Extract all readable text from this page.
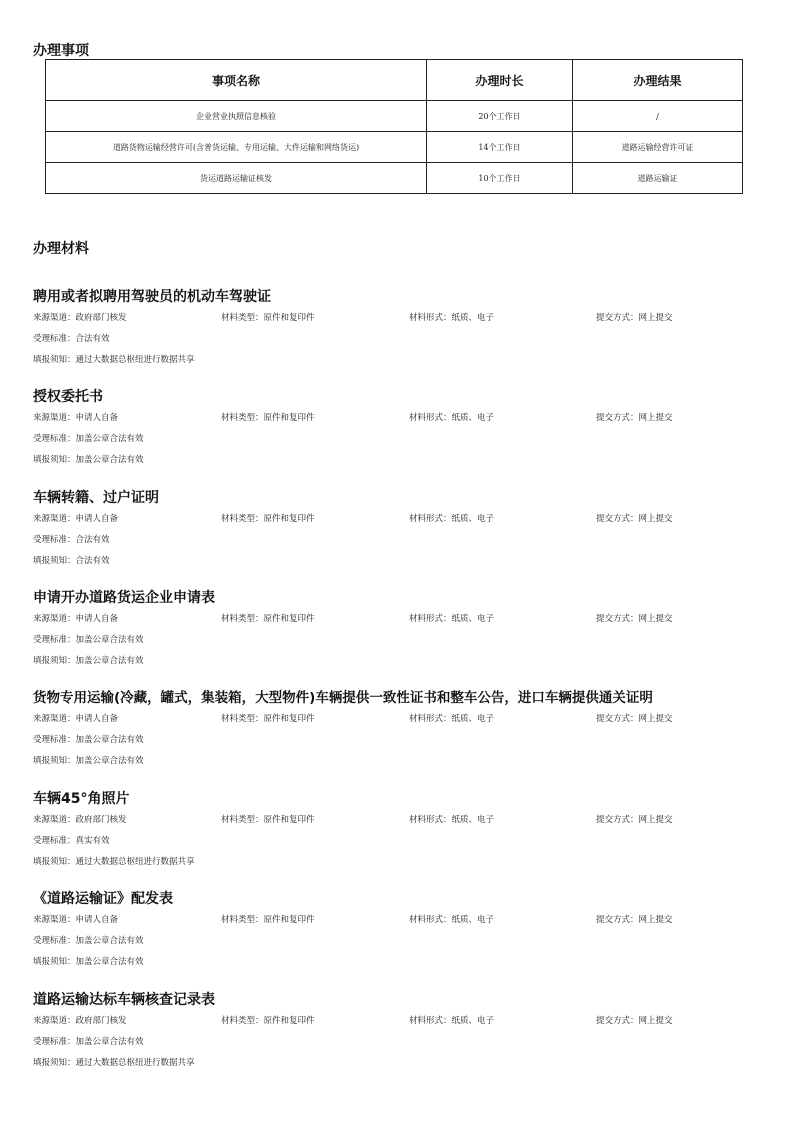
办理事项
事项名称	办理时长	办理结果
企业营业执照信息核验	20个工作日	/
道路货物运输经营许可(含普货运输、专用运输、大件运输和网络货运)	14个工作日	道路运输经营许可证
货运道路运输证核发	10个工作日	道路运输证
办理材料
聘用或者拟聘用驾驶员的机动车驾驶证
来源渠道：政府部门核发	材料类型：原件和复印件	材料形式：纸质、电子	提交方式：网上提交
受理标准：合法有效
填报须知：通过大数据总枢纽进行数据共享
授权委托书
来源渠道：申请人自备	材料类型：原件和复印件	材料形式：纸质、电子	提交方式：网上提交
受理标准：加盖公章合法有效
填报须知：加盖公章合法有效
车辆转籍、过户证明
来源渠道：申请人自备	材料类型：原件和复印件	材料形式：纸质、电子	提交方式：网上提交
受理标准：合法有效
填报须知：合法有效
申请开办道路货运企业申请表
来源渠道：申请人自备	材料类型：原件和复印件	材料形式：纸质、电子	提交方式：网上提交
受理标准：加盖公章合法有效
填报须知：加盖公章合法有效
货物专用运输(冷藏，罐式，集装箱，大型物件)车辆提供一致性证书和整车公告，进口车辆提供通关证明
来源渠道：申请人自备	材料类型：原件和复印件	材料形式：纸质、电子	提交方式：网上提交
受理标准：加盖公章合法有效
填报须知：加盖公章合法有效
车辆45°角照片
来源渠道：政府部门核发	材料类型：原件和复印件	材料形式：纸质、电子	提交方式：网上提交
受理标准：真实有效
填报须知：通过大数据总枢纽进行数据共享
《道路运输证》配发表
来源渠道：申请人自备	材料类型：原件和复印件	材料形式：纸质、电子	提交方式：网上提交
受理标准：加盖公章合法有效
填报须知：加盖公章合法有效
道路运输达标车辆核查记录表
来源渠道：政府部门核发	材料类型：原件和复印件	材料形式：纸质、电子	提交方式：网上提交
受理标准：加盖公章合法有效
填报须知：通过大数据总枢纽进行数据共享
